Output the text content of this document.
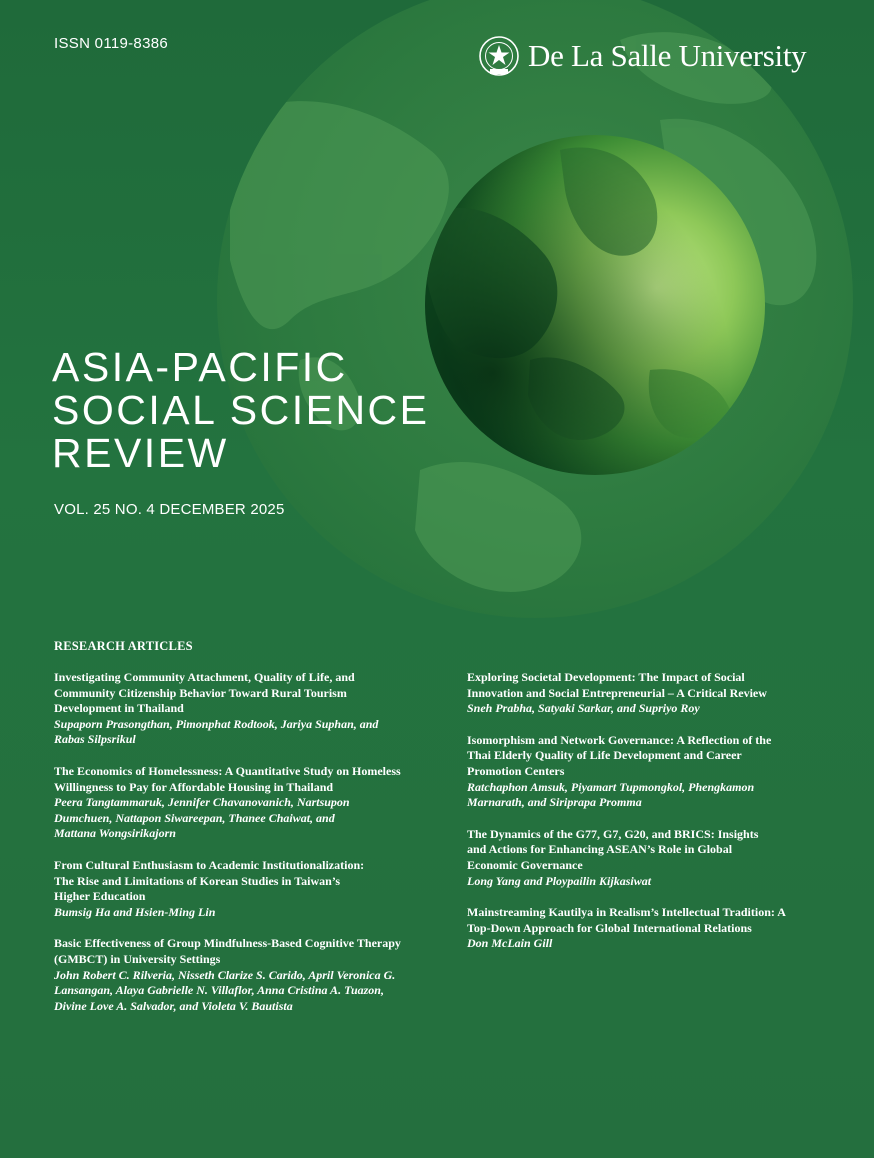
ISSN 0119-8386	De La Salle University
ASIA-PACIFIC
SOCIAL SCIENCE
REVIEW
VOL. 25 NO. 4 DECEMBER 2025
RESEARCH ARTICLES
Investigating Community Attachment, Quality of Life, and
Community Citizenship Behavior Toward Rural Tourism
Development in Thailand
Supaporn Prasongthan, Pimonphat Rodtook, Jariya Suphan, and
Rabas Silpsrikul
The Economics of Homelessness: A Quantitative Study on Homeless
Willingness to Pay for Affordable Housing in Thailand
Peera Tangtammaruk, Jennifer Chavanovanich, Nartsupon
Dumchuen, Nattapon Siwareepan, Thanee Chaiwat, and
Mattana Wongsirikajorn
From Cultural Enthusiasm to Academic Institutionalization:
The Rise and Limitations of Korean Studies in Taiwan’s
Higher Education
Bumsig Ha and Hsien-Ming Lin
Basic Effectiveness of Group Mindfulness-Based Cognitive Therapy
(GMBCT) in University Settings
John Robert C. Rilveria, Nisseth Clarize S. Carido, April Veronica G.
Lansangan, Alaya Gabrielle N. Villaflor, Anna Cristina A. Tuazon,
Divine Love A. Salvador, and Violeta V. Bautista
Exploring Societal Development: The Impact of Social
Innovation and Social Entrepreneurial – A Critical Review
Sneh Prabha, Satyaki Sarkar, and Supriyo Roy
Isomorphism and Network Governance: A Reflection of the
Thai Elderly Quality of Life Development and Career
Promotion Centers
Ratchaphon Amsuk, Piyamart Tupmongkol, Phengkamon
Marnarath, and Siriprapa Promma
The Dynamics of the G77, G7, G20, and BRICS: Insights
and Actions for Enhancing ASEAN’s Role in Global
Economic Governance
Long Yang and Ploypailin Kijkasiwat
Mainstreaming Kautilya in Realism’s Intellectual Tradition: A
Top-Down Approach for Global International Relations
Don McLain Gill
